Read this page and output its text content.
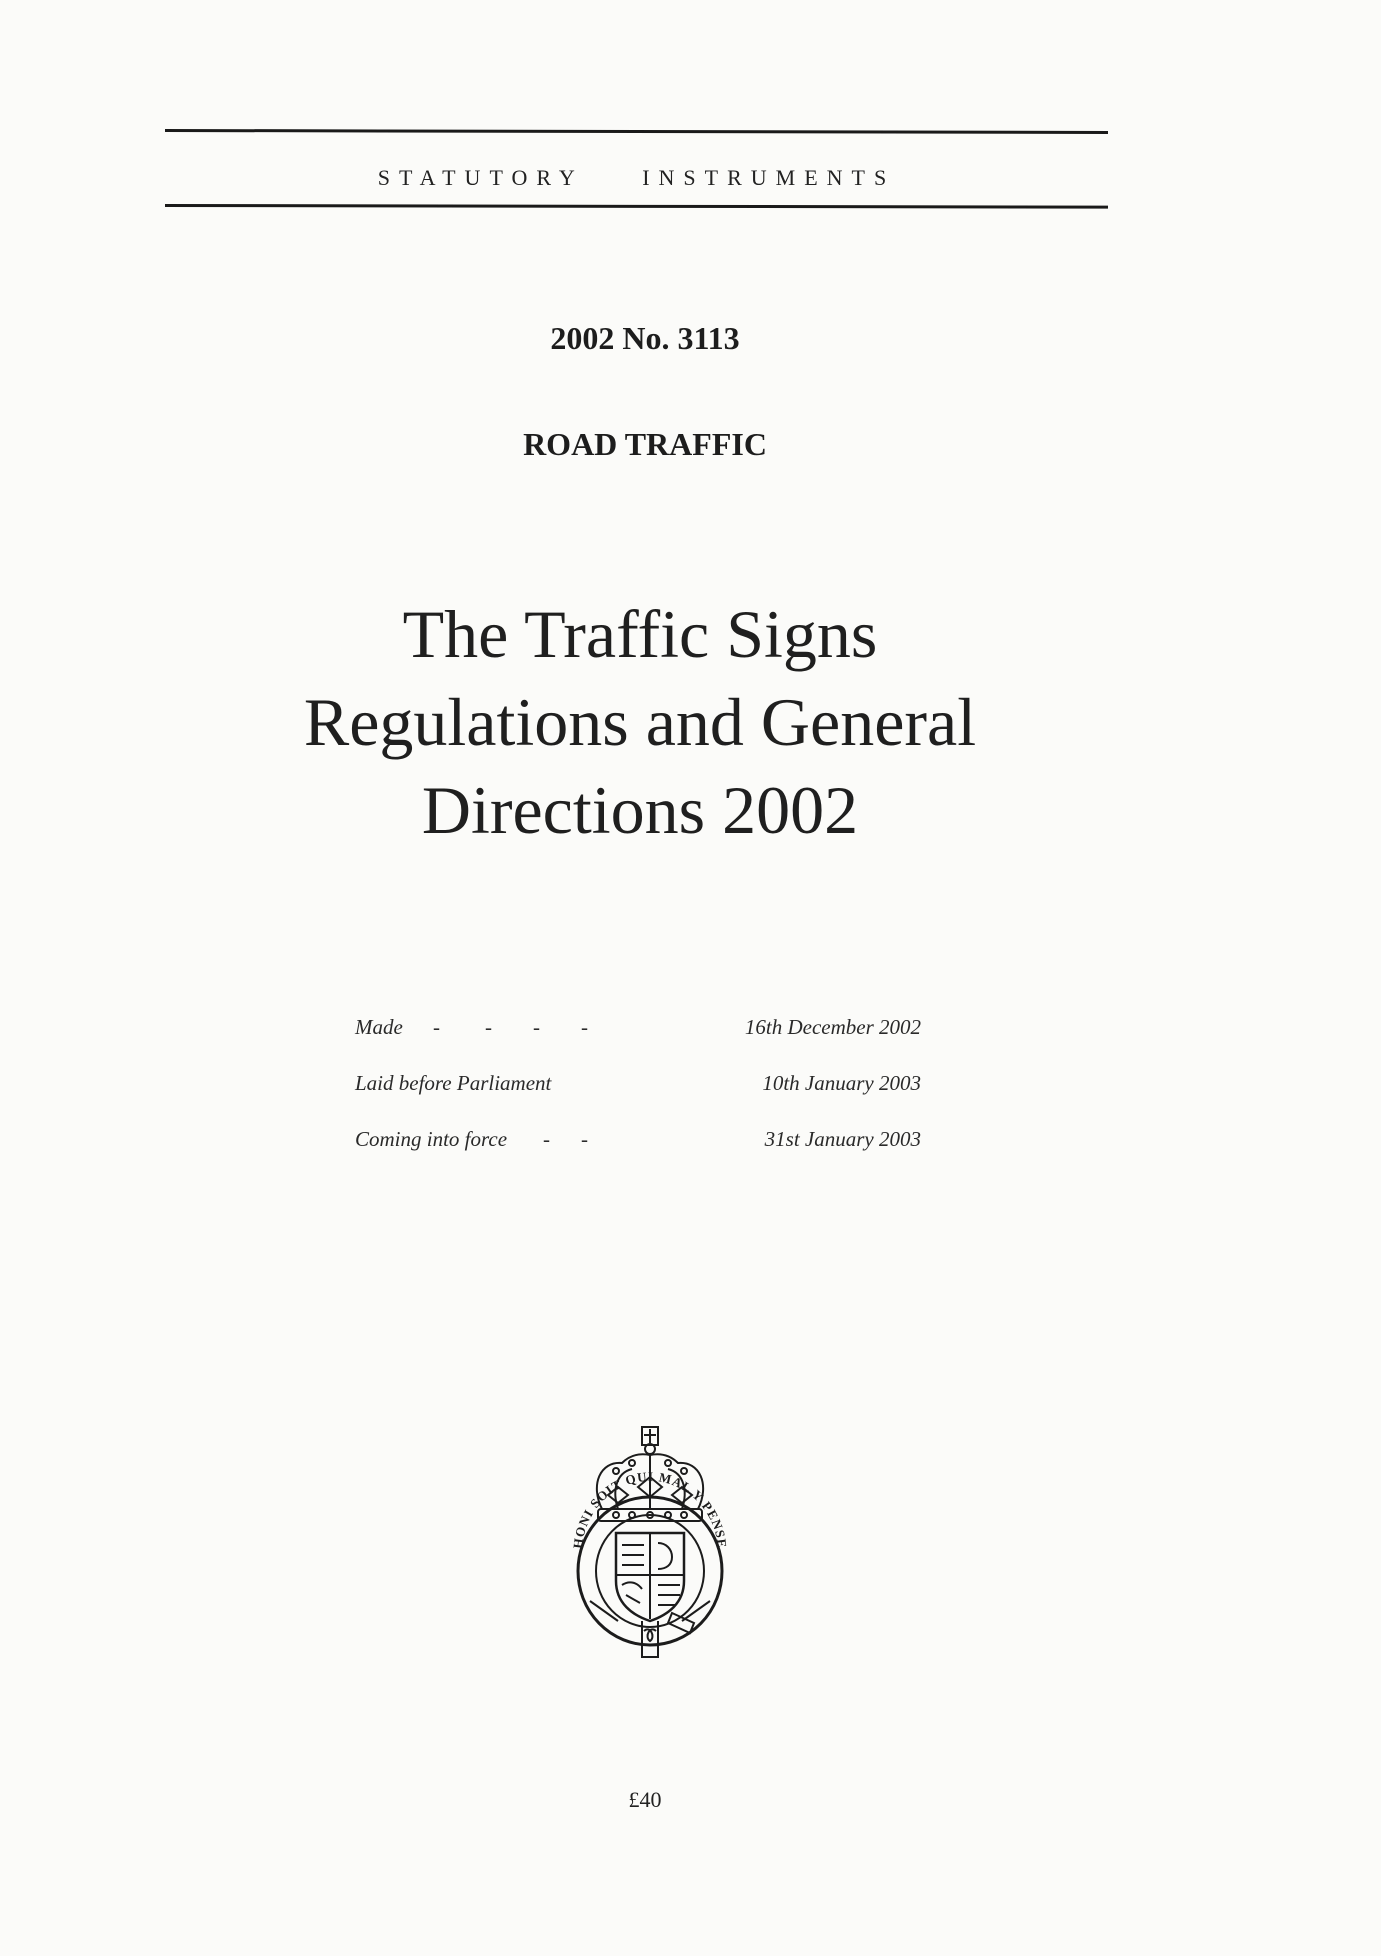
STATUTORY	INSTRUMENTS
2002 No. 3113
ROAD TRAFFIC
The Traffic Signs
Regulations and General
Directions 2002
Made - - - -	16th December 2002
Laid before Parliament	10th January 2003
Coming into force - -	31st January 2003
HONI SOIT QUI MAL Y PENSE
£40
